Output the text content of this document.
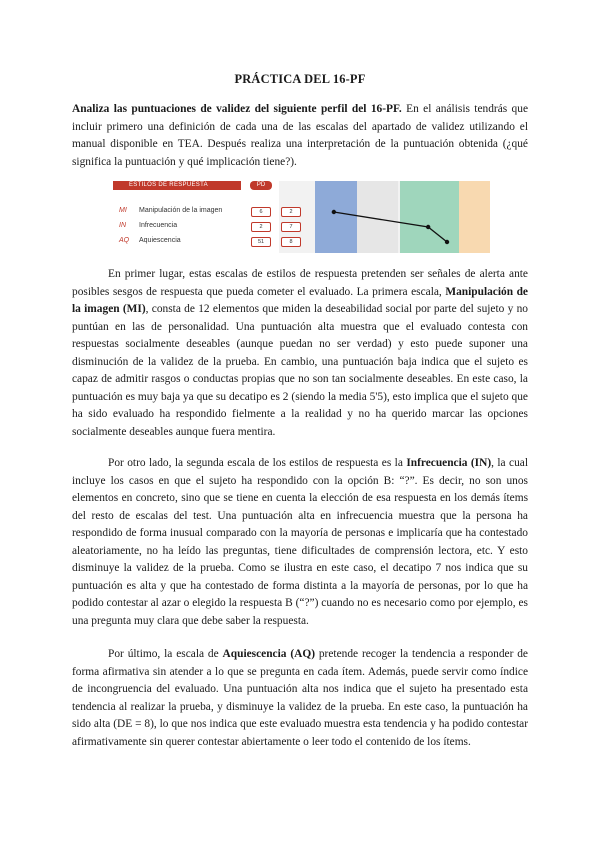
PRÁCTICA DEL 16-PF

Analiza las puntuaciones de validez del siguiente perfil del 16-PF. En el análisis tendrás que incluir primero una definición de cada una de las escalas del apartado de validez utilizando el manual disponible en TEA. Después realiza una interpretación de la puntuación obtenida (¿qué significa la puntuación y qué implicación tiene?).

ESTILOS DE RESPUESTA	PD
MI Manipulación de la imagen	6	2
IN Infrecuencia	2	7
AQ Aquiescencia	51	8

En primer lugar, estas escalas de estilos de respuesta pretenden ser señales de alerta ante posibles sesgos de respuesta que pueda cometer el evaluado. La primera escala, Manipulación de la imagen (MI), consta de 12 elementos que miden la deseabilidad social por parte del sujeto y no puntúan en las de personalidad. Una puntuación alta muestra que el evaluado contesta con respuestas socialmente deseables (aunque puedan no ser verdad) y esto puede suponer una disminución de la validez de la prueba. En cambio, una puntuación baja indica que el sujeto es capaz de admitir rasgos o conductas propias que no son tan socialmente deseables. En este caso, la puntuación es muy baja ya que su decatipo es 2 (siendo la media 5'5), esto implica que el sujeto que ha sido evaluado ha respondido fielmente a la realidad y no ha querido marcar las opciones socialmente deseables aunque fuera mentira.

Por otro lado, la segunda escala de los estilos de respuesta es la Infrecuencia (IN), la cual incluye los casos en que el sujeto ha respondido con la opción B: “?”. Es decir, no son unos elementos en concreto, sino que se tiene en cuenta la elección de esa respuesta en los demás ítems del resto de escalas del test. Una puntuación alta en infrecuencia muestra que la persona ha respondido de forma inusual comparado con la mayoría de personas e implicaría que ha contestado aleatoriamente, no ha leído las preguntas, tiene dificultades de comprensión lectora, etc. Y esto disminuye la validez de la prueba. Como se ilustra en este caso, el decatipo 7 nos indica que su puntuación es alta y que ha contestado de forma distinta a la mayoría de personas, por lo que ha podido contestar al azar o elegido la respuesta B (“?”) cuando no es necesario como por ejemplo, es una pregunta muy clara que debe saber la respuesta.

Por último, la escala de Aquiescencia (AQ) pretende recoger la tendencia a responder de forma afirmativa sin atender a lo que se pregunta en cada ítem. Además, puede servir como índice de incongruencia del evaluado. Una puntuación alta nos indica que el sujeto ha presentado esta tendencia al realizar la prueba, y disminuye la validez de la prueba. En este caso, la puntuación ha sido alta (DE = 8), lo que nos indica que este evaluado muestra esta tendencia y ha podido contestar afirmativamente sin querer contestar abiertamente o leer todo el contenido de los ítems.
